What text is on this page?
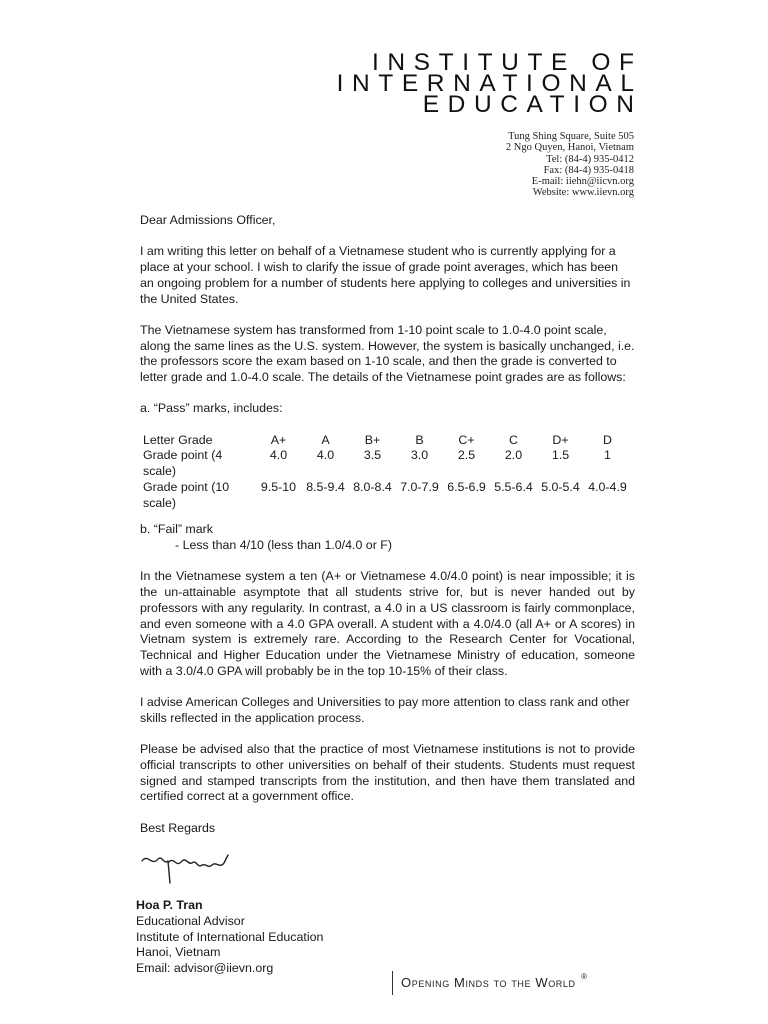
INSTITUTE OF
INTERNATIONAL
EDUCATION
Tung Shing Square, Suite 505
2 Ngo Quyen, Hanoi, Vietnam
Tel: (84-4) 935-0412
Fax: (84-4) 935-0418
E-mail: iiehn@iicvn.org
Website: www.iievn.org

Dear Admissions Officer,

I am writing this letter on behalf of a Vietnamese student who is currently applying for a place at your school. I wish to clarify the issue of grade point averages, which has been an ongoing problem for a number of students here applying to colleges and universities in the United States.

The Vietnamese system has transformed from 1-10 point scale to 1.0-4.0 point scale, along the same lines as the U.S. system. However, the system is basically unchanged, i.e. the professors score the exam based on 1-10 scale, and then the grade is converted to letter grade and 1.0-4.0 scale. The details of the Vietnamese point grades are as follows:

a. “Pass” marks, includes:

Letter Grade	A+	A	B+	B	C+	C	D+	D
Grade point (4 scale)	4.0	4.0	3.5	3.0	2.5	2.0	1.5	1
Grade point (10 scale)	9.5-10	8.5-9.4	8.0-8.4	7.0-7.9	6.5-6.9	5.5-6.4	5.0-5.4	4.0-4.9

b. “Fail” mark

- Less than 4/10 (less than 1.0/4.0 or F)

In the Vietnamese system a ten (A+ or Vietnamese 4.0/4.0 point) is near impossible; it is the un-attainable asymptote that all students strive for, but is never handed out by professors with any regularity. In contrast, a 4.0 in a US classroom is fairly commonplace, and even someone with a 4.0 GPA overall. A student with a 4.0/4.0 (all A+ or A scores) in Vietnam system is extremely rare. According to the Research Center for Vocational, Technical and Higher Education under the Vietnamese Ministry of education, someone with a 3.0/4.0 GPA will probably be in the top 10-15% of their class.

I advise American Colleges and Universities to pay more attention to class rank and other skills reflected in the application process.

Please be advised also that the practice of most Vietnamese institutions is not to provide official transcripts to other universities on behalf of their students. Students must request signed and stamped transcripts from the institution, and then have them translated and certified correct at a government office.

Best Regards

Hoa P. Tran
Educational Advisor
Institute of International Education
Hanoi, Vietnam
Email: advisor@iievn.org
Opening Minds to the World ®
